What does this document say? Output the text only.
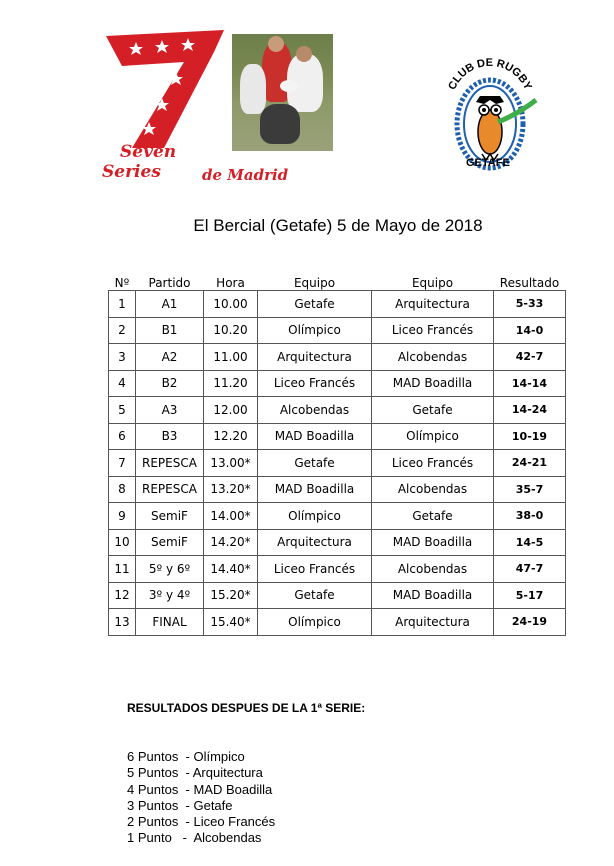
7
Seven
Series	de Madrid
CLUB DE RUGBY
GETAFE
El Bercial (Getafe) 5 de Mayo de 2018
Nº	Partido	Hora	Equipo	Equipo	Resultado
1	A1	10.00	Getafe	Arquitectura	5-33
2	B1	10.20	Olímpico	Liceo Francés	14-0
3	A2	11.00	Arquitectura	Alcobendas	42-7
4	B2	11.20	Liceo Francés	MAD Boadilla	14-14
5	A3	12.00	Alcobendas	Getafe	14-24
6	B3	12.20	MAD Boadilla	Olímpico	10-19
7	REPESCA	13.00*	Getafe	Liceo Francés	24-21
8	REPESCA	13.20*	MAD Boadilla	Alcobendas	35-7
9	SemiF	14.00*	Olímpico	Getafe	38-0
10	SemiF	14.20*	Arquitectura	MAD Boadilla	14-5
11	5º y 6º	14.40*	Liceo Francés	Alcobendas	47-7
12	3º y 4º	15.20*	Getafe	MAD Boadilla	5-17
13	FINAL	15.40*	Olímpico	Arquitectura	24-19
RESULTADOS DESPUES DE LA 1ª SERIE:
6 Puntos  - Olímpico
5 Puntos  - Arquitectura
4 Puntos  - MAD Boadilla
3 Puntos  - Getafe
2 Puntos  - Liceo Francés
1 Punto   -  Alcobendas
